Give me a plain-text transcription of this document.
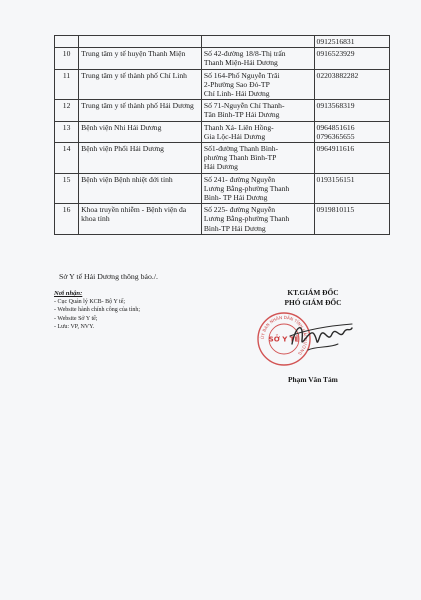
			0912516831

10	Trung tâm y tế huyện Thanh Miện	Số 42-đường 18/8-Thị trấn
Thanh Miện-Hải Dương	0916523929

11	Trung tâm y tế thành phố Chí Linh	Số 164-Phố Nguyễn Trãi
2-Phường Sao Đỏ-TP
Chí Linh- Hải Dương	02203882282

12	Trung tâm y tế thành phố Hải Dương	Số 71-Nguyễn Chí Thanh-
Tân Bình-TP Hải Dương	0913568319

13	Bệnh viện Nhi Hải Dương	Thanh Xá- Liên Hồng-
Gia Lộc-Hải Dương	0964851616
0796365655

14	Bệnh viện Phổi Hải Dương	Số1-đường Thanh Bình-
phường Thanh Bình-TP
Hải Dương	0964911616

15	Bệnh viện Bệnh nhiệt đới tỉnh	Số 241- đường Nguyễn
Lương Bằng-phường Thanh
Bình- TP Hải Dương	0193156151

16	Khoa truyền nhiễm - Bệnh viện đa
khoa tỉnh	Số 225- đường Nguyễn
Lương Bằng-phường Thanh
Bình-TP Hải Dương	0919810115
Sở Y tế Hải Dương thông báo./.
Nơi nhận:
- Cục Quản lý KCB- Bộ Y tế;
- Website hành chính công của tỉnh;
- Website Sở Y tế;
- Lưu: VP, NVY.
KT.GIÁM ĐỐC
PHÓ GIÁM ĐỐC
ỦY BAN NHÂN DÂN TỈNH HẢI DƯƠNG
SỞ Y TẾ
Phạm Văn Tám
